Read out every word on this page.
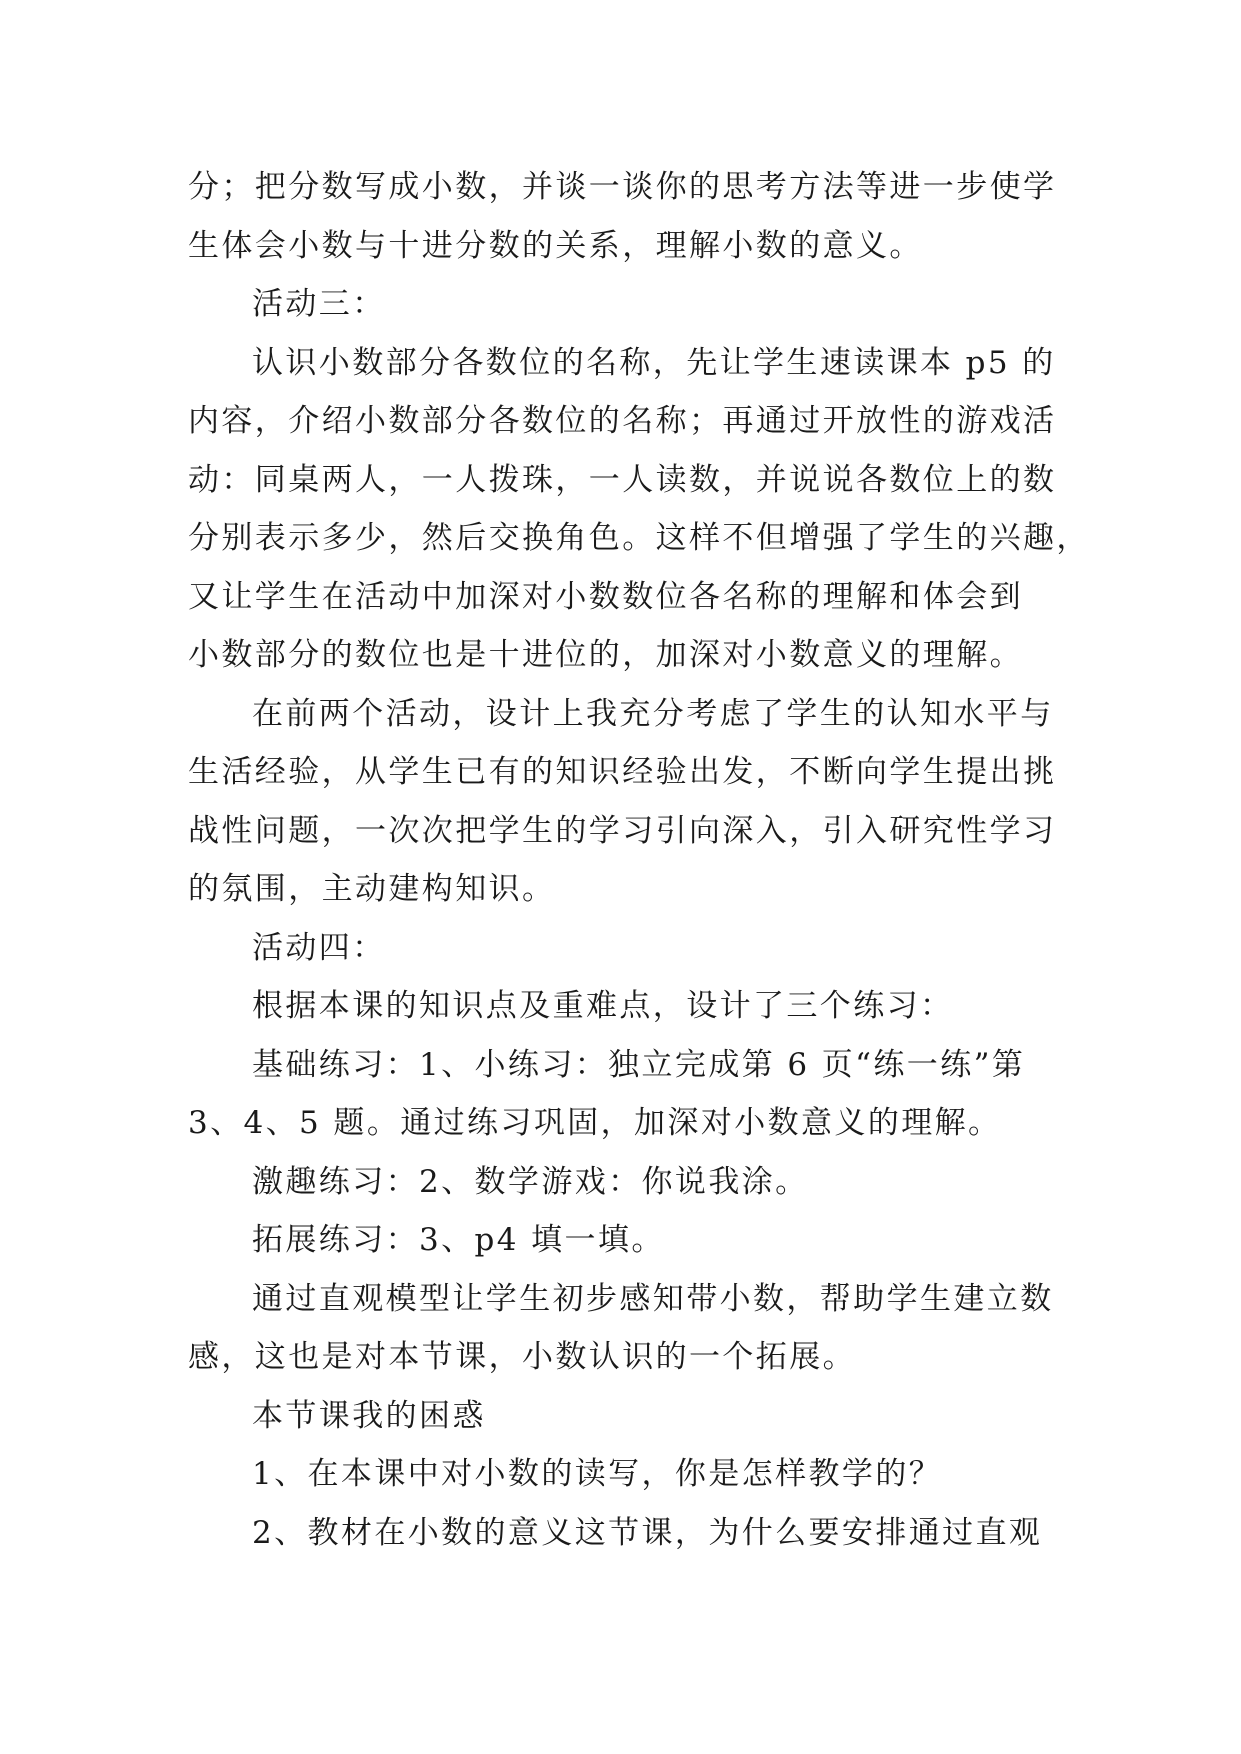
分；把分数写成小数，并谈一谈你的思考方法等进一步使学
生体会小数与十进分数的关系，理解小数的意义。
活动三：
认识小数部分各数位的名称，先让学生速读课本 p5 的
内容，介绍小数部分各数位的名称；再通过开放性的游戏活
动：同桌两人，一人拨珠，一人读数，并说说各数位上的数
分别表示多少，然后交换角色。这样不但增强了学生的兴趣，
又让学生在活动中加深对小数数位各名称的理解和体会到
小数部分的数位也是十进位的，加深对小数意义的理解。
在前两个活动，设计上我充分考虑了学生的认知水平与
生活经验，从学生已有的知识经验出发，不断向学生提出挑
战性问题，一次次把学生的学习引向深入，引入研究性学习
的氛围，主动建构知识。
活动四：
根据本课的知识点及重难点，设计了三个练习：
基础练习：1、小练习：独立完成第 6 页“练一练”第
3、4、5 题。通过练习巩固，加深对小数意义的理解。
激趣练习：2、数学游戏：你说我涂。
拓展练习：3、p4 填一填。
通过直观模型让学生初步感知带小数，帮助学生建立数
感，这也是对本节课，小数认识的一个拓展。
本节课我的困惑
1、在本课中对小数的读写，你是怎样教学的？
2、教材在小数的意义这节课，为什么要安排通过直观
